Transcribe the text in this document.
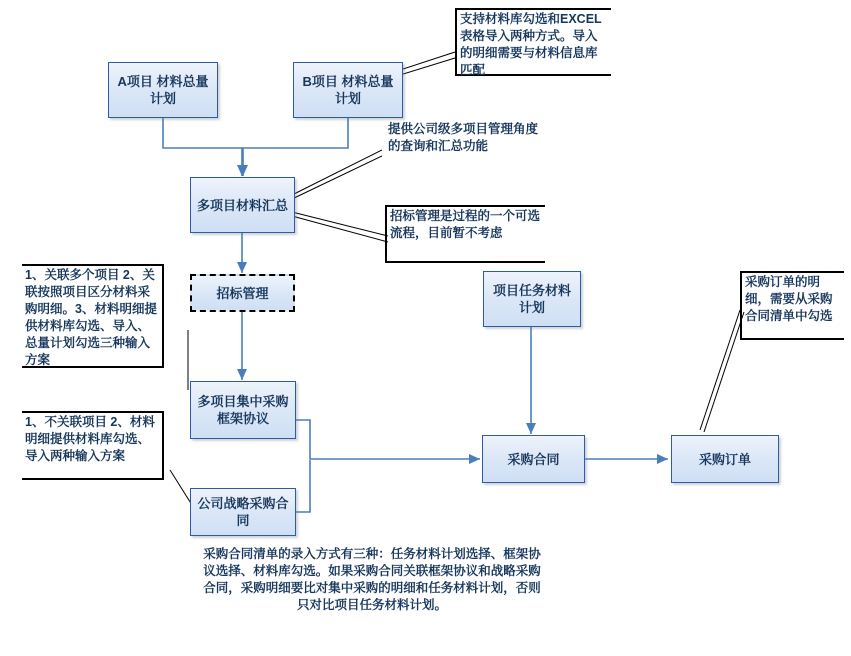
A项目 材料总量计划
B项目 材料总量计划
多项目材料汇总
招标管理
多项目集中采购框架协议
公司战略采购合同
项目任务材料计划
采购合同	采购订单
支持材料库勾选和EXCEL表格导入两种方式。导入的明细需要与材料信息库匹配
提供公司级多项目管理角度的查询和汇总功能
招标管理是过程的一个可选流程，目前暂不考虑
1、关联多个项目 2、关联按照项目区分材料采购明细。3、材料明细提供材料库勾选、导入、总量计划勾选三种输入方案
1、不关联项目 2、材料明细提供材料库勾选、导入两种输入方案
采购订单的明细，需要从采购合同清单中勾选
采购合同清单的录入方式有三种：任务材料计划选择、框架协议选择、材料库勾选。如果采购合同关联框架协议和战略采购合同，采购明细要比对集中采购的明细和任务材料计划，否则只对比项目任务材料计划。
